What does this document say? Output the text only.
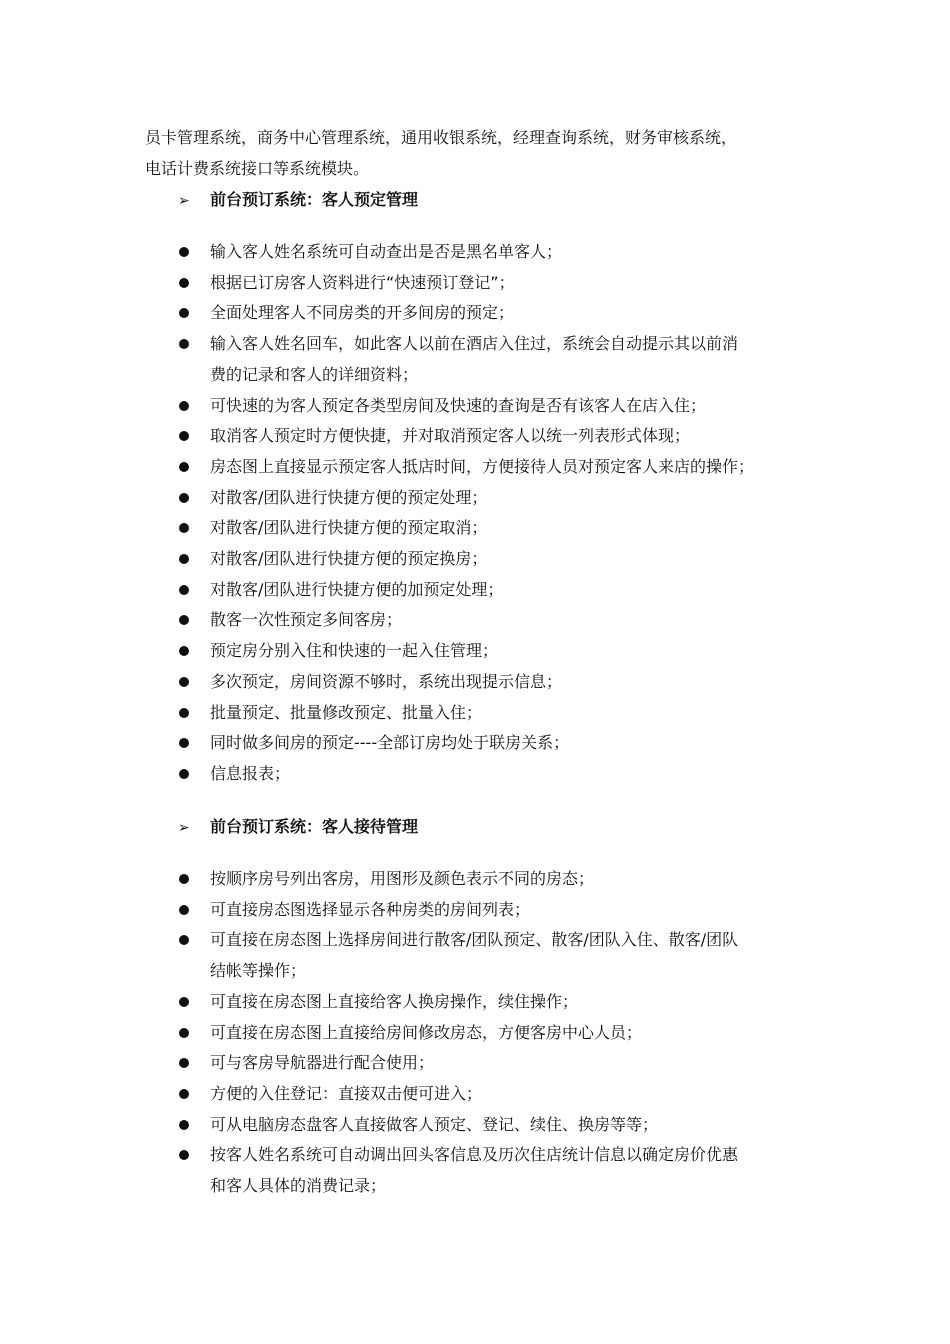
员卡管理系统，商务中心管理系统，通用收银系统，经理查询系统，财务审核系统，
电话计费系统接口等系统模块。
➢ 前台预订系统：客人预定管理
输入客人姓名系统可自动查出是否是黑名单客人；
根据已订房客人资料进行“快速预订登记”；
全面处理客人不同房类的开多间房的预定；
输入客人姓名回车，如此客人以前在酒店入住过，系统会自动提示其以前消
费的记录和客人的详细资料；
可快速的为客人预定各类型房间及快速的查询是否有该客人在店入住；
取消客人预定时方便快捷，并对取消预定客人以统一列表形式体现；
房态图上直接显示预定客人抵店时间，方便接待人员对预定客人来店的操作；
对散客/团队进行快捷方便的预定处理；
对散客/团队进行快捷方便的预定取消；
对散客/团队进行快捷方便的预定换房；
对散客/团队进行快捷方便的加预定处理；
散客一次性预定多间客房；
预定房分别入住和快速的一起入住管理；
多次预定，房间资源不够时，系统出现提示信息；
批量预定、批量修改预定、批量入住；
同时做多间房的预定----全部订房均处于联房关系；
信息报表；
➢ 前台预订系统：客人接待管理
按顺序房号列出客房，用图形及颜色表示不同的房态；
可直接房态图选择显示各种房类的房间列表；
可直接在房态图上选择房间进行散客/团队预定、散客/团队入住、散客/团队
结帐等操作；
可直接在房态图上直接给客人换房操作，续住操作；
可直接在房态图上直接给房间修改房态，方便客房中心人员；
可与客房导航器进行配合使用；
方便的入住登记：直接双击便可进入；
可从电脑房态盘客人直接做客人预定、登记、续住、换房等等；
按客人姓名系统可自动调出回头客信息及历次住店统计信息以确定房价优惠
和客人具体的消费记录；
